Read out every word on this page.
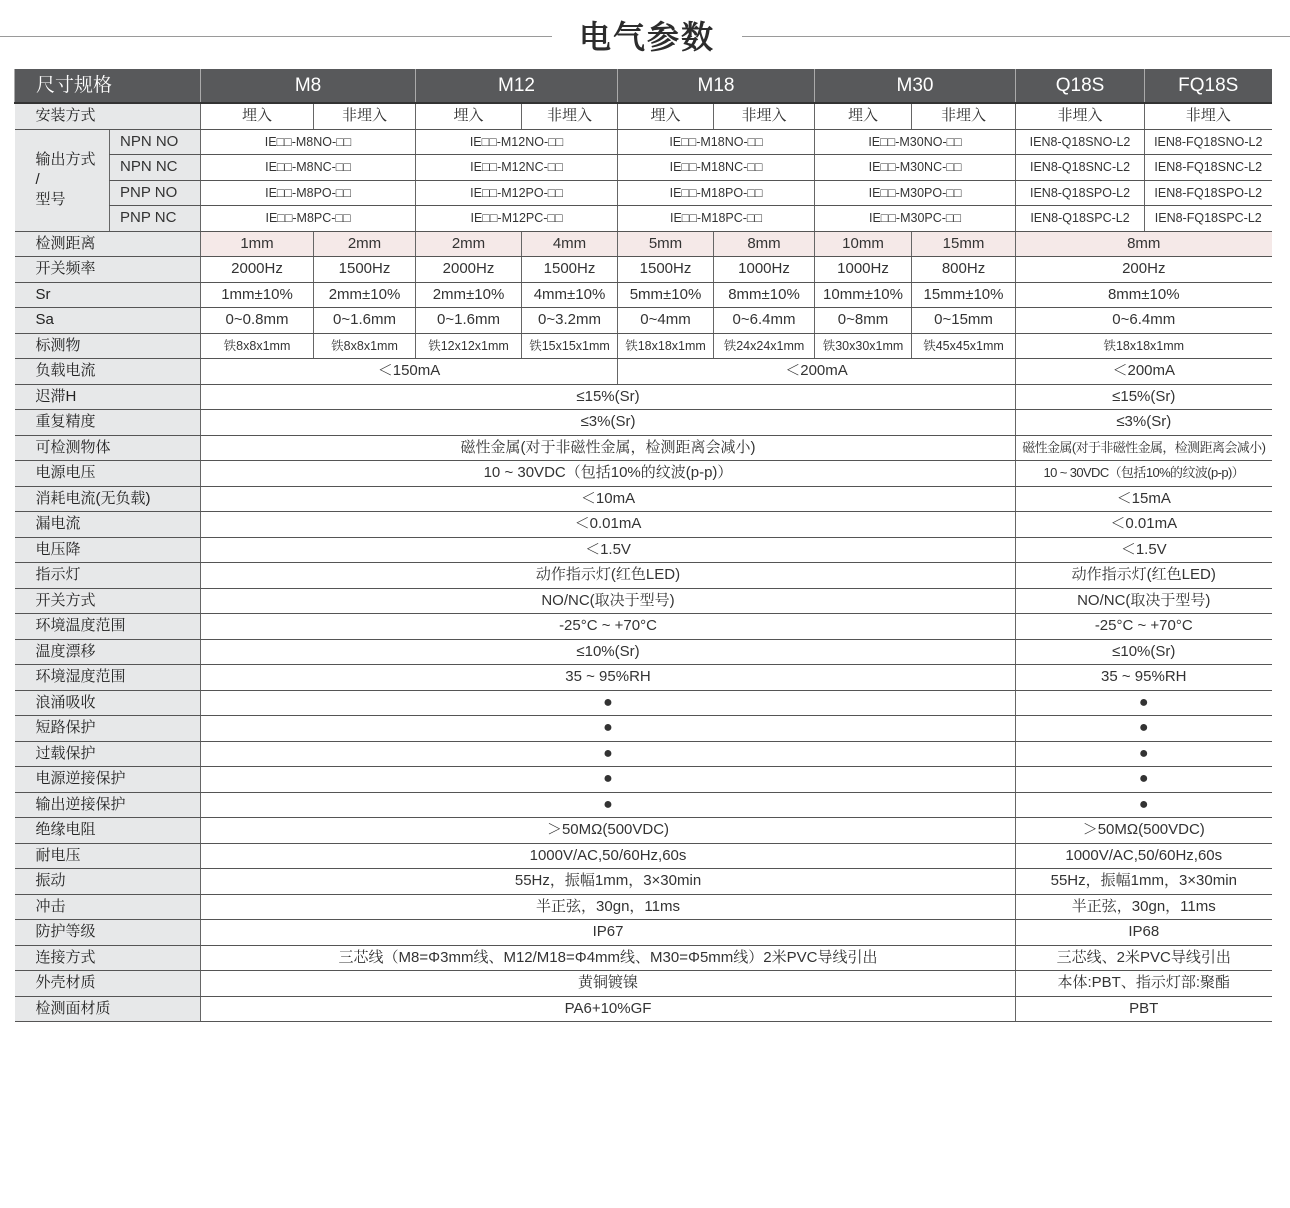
电气参数
尺寸规格		M8		M12		M18		M30		Q18S	FQ18S
安装方式		埋入	非埋入	埋入	非埋入	埋入	非埋入	埋入	非埋入	非埋入	非埋入
输出方式
/
型号	NPN NO	IE□□-M8NO-□□		IE□□-M12NO-□□		IE□□-M18NO-□□		IE□□-M30NO-□□		IEN8-Q18SNO-L2	IEN8-FQ18SNO-L2
	NPN NC	IE□□-M8NC-□□		IE□□-M12NC-□□		IE□□-M18NC-□□		IE□□-M30NC-□□		IEN8-Q18SNC-L2	IEN8-FQ18SNC-L2
	PNP NO	IE□□-M8PO-□□		IE□□-M12PO-□□		IE□□-M18PO-□□		IE□□-M30PO-□□		IEN8-Q18SPO-L2	IEN8-FQ18SPO-L2
	PNP NC	IE□□-M8PC-□□		IE□□-M12PC-□□		IE□□-M18PC-□□		IE□□-M30PC-□□		IEN8-Q18SPC-L2	IEN8-FQ18SPC-L2
检测距离		1mm	2mm	2mm	4mm	5mm	8mm	10mm	15mm	8mm	
开关频率		2000Hz	1500Hz	2000Hz	1500Hz	1500Hz	1000Hz	1000Hz	800Hz	200Hz	
Sr		1mm±10%	2mm±10%	2mm±10%	4mm±10%	5mm±10%	8mm±10%	10mm±10%	15mm±10%	8mm±10%	
Sa		0~0.8mm	0~1.6mm	0~1.6mm	0~3.2mm	0~4mm	0~6.4mm	0~8mm	0~15mm	0~6.4mm	
标测物		铁8x8x1mm	铁8x8x1mm	铁12x12x1mm	铁15x15x1mm	铁18x18x1mm	铁24x24x1mm	铁30x30x1mm	铁45x45x1mm	铁18x18x1mm	
负载电流		＜150mA				＜200mA				＜200mA	
迟滞H		≤15%(Sr)								≤15%(Sr)	
重复精度		≤3%(Sr)								≤3%(Sr)	
可检测物体		磁性金属(对于非磁性金属，检测距离会减小)								磁性金属(对于非磁性金属，检测距离会减小)	
电源电压		10 ~ 30VDC（包括10%的纹波(p-p)）								10 ~ 30VDC（包括10%的纹波(p-p)）	
消耗电流(无负载)		＜10mA								＜15mA	
漏电流		＜0.01mA								＜0.01mA	
电压降		＜1.5V								＜1.5V	
指示灯		动作指示灯(红色LED)								动作指示灯(红色LED)	
开关方式		NO/NC(取决于型号)								NO/NC(取决于型号)	
环境温度范围		-25°C ~ +70°C								-25°C ~ +70°C	
温度漂移		≤10%(Sr)								≤10%(Sr)	
环境湿度范围		35 ~ 95%RH								35 ~ 95%RH	
浪涌吸收		●								●	
短路保护		●								●	
过载保护		●								●	
电源逆接保护		●								●	
输出逆接保护		●								●	
绝缘电阻		＞50MΩ(500VDC)								＞50MΩ(500VDC)	
耐电压		1000V/AC,50/60Hz,60s								1000V/AC,50/60Hz,60s	
振动		55Hz，振幅1mm，3×30min								55Hz，振幅1mm，3×30min	
冲击		半正弦，30gn，11ms								半正弦，30gn，11ms	
防护等级		IP67								IP68	
连接方式		三芯线（M8=Φ3mm线、M12/M18=Φ4mm线、M30=Φ5mm线）2米PVC导线引出								三芯线、2米PVC导线引出	
外壳材质		黄铜镀镍								本体:PBT、指示灯部:聚酯	
检测面材质		PA6+10%GF								PBT	
